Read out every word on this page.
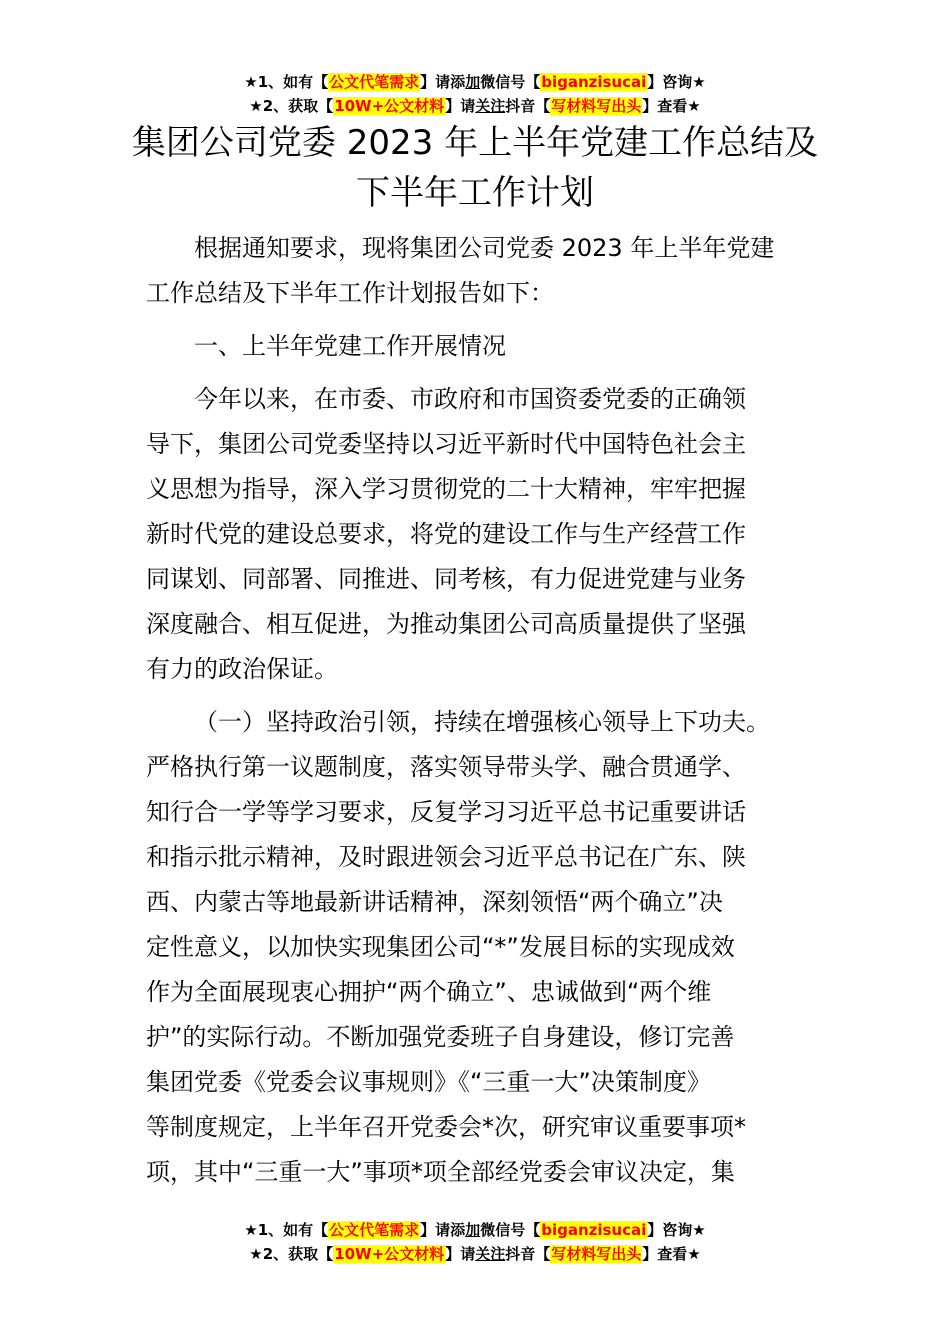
★1、如有【公文代笔需求】请添加微信号【biganzisucai】咨询★
★2、获取【10W+公文材料】请关注抖音【写材料写出头】查看★
集团公司党委 2023 年上半年党建工作总结及
下半年工作计划
根据通知要求，现将集团公司党委 2023 年上半年党建
工作总结及下半年工作计划报告如下：
一、上半年党建工作开展情况
今年以来，在市委、市政府和市国资委党委的正确领
导下，集团公司党委坚持以习近平新时代中国特色社会主
义思想为指导，深入学习贯彻党的二十大精神，牢牢把握
新时代党的建设总要求，将党的建设工作与生产经营工作
同谋划、同部署、同推进、同考核，有力促进党建与业务
深度融合、相互促进，为推动集团公司高质量提供了坚强
有力的政治保证。
（一）坚持政治引领，持续在增强核心领导上下功夫。
严格执行第一议题制度，落实领导带头学、融合贯通学、
知行合一学等学习要求，反复学习习近平总书记重要讲话
和指示批示精神，及时跟进领会习近平总书记在广东、陕
西、内蒙古等地最新讲话精神，深刻领悟“两个确立”决
定性意义，以加快实现集团公司“*”发展目标的实现成效
作为全面展现衷心拥护“两个确立”、忠诚做到“两个维
护”的实际行动。不断加强党委班子自身建设，修订完善
集团党委《党委会议事规则》《“三重一大”决策制度》
等制度规定，上半年召开党委会*次，研究审议重要事项*
项，其中“三重一大”事项*项全部经党委会审议决定，集
★1、如有【公文代笔需求】请添加微信号【biganzisucai】咨询★
★2、获取【10W+公文材料】请关注抖音【写材料写出头】查看★
